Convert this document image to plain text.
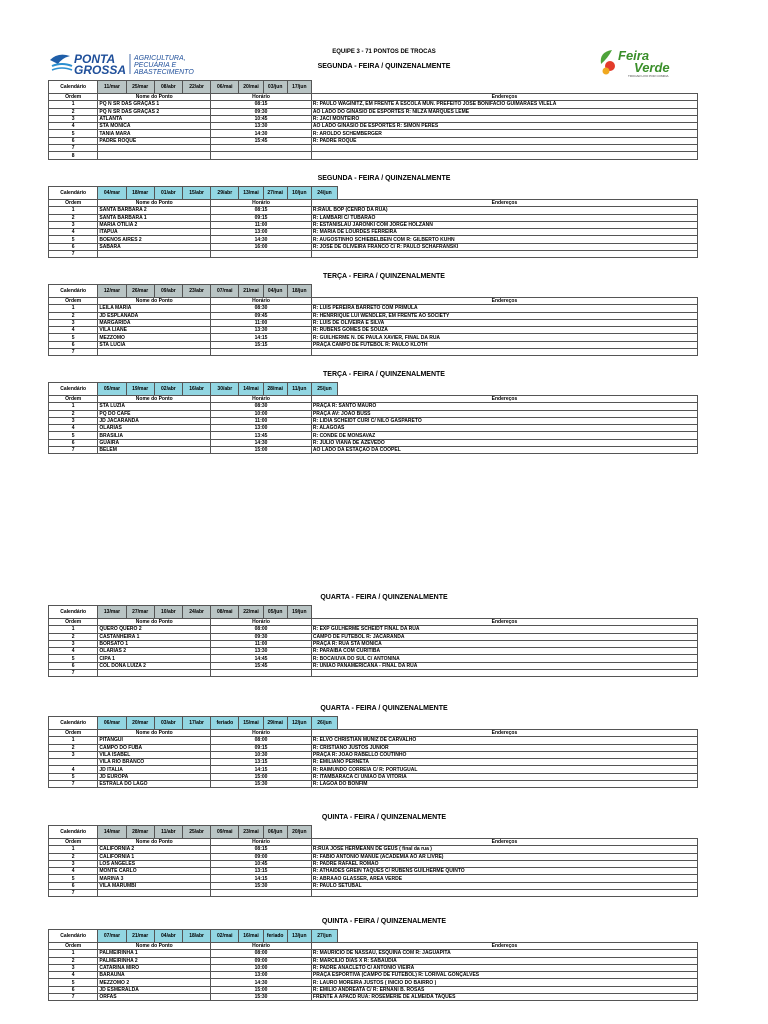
PONTA
GROSSA
AGRICULTURA,
PECUÁRIA E
ABASTECIMENTO
Feira
Verde
TROCAR LIXO POR COMIDA
EQUIPE 3 - 71 PONTOS DE TROCAS
SEGUNDA - FEIRA / QUINZENALMENTE
Calendário	11/mar	25/mar	08/abr	22/abr	06/mai	20/mai	03/jun	17/jun		
Ordem	Nome do Ponto				Horário				Endereços	
1	PQ N SR DAS GRAÇAS 1				08:15				R: PAULO WAGINITZ, EM FRENTE A ESCOLA MUN. PREFEITO JOSE BONIFACIO GUIMARAES VILELA	
2	PQ N SR DAS GRAÇAS 2				09:30				AO LADO DO GINASIO DE ESPORTES R: NILZA MARQUES LEME	
3	ATLANTA				10:45				R: JACI MONTEIRO	
4	STA MONICA				13:30				AO LADO GINASIO DE ESPORTES R: SIMON PERES	
5	TANIA MARA				14:30				R: AROLDO SCHEMBERGER	
6	PADRE ROQUE				15:45				R: PADRE ROQUE	
7										
8										
SEGUNDA - FEIRA / QUINZENALMENTE
Calendário	04/mar	18/mar	01/abr	15/abr	29/abr	13/mai	27/mai	10/jun	24/jun	
Ordem	Nome do Ponto				Horário				Endereços	
1	SANTA BARBARA 2				08:15				R:RAUL BOP (CENRO DA RUA)	
2	SANTA BARBARA 1				09:15				R: LAMBARI C/ TUBARAO	
3	MARIA OTILIA 2				11:00				R: ESTANISLAU JARONKI COM JORGE HOLZANN	
4	ITAPUA				13:00				R: MARIA DE LOURDES FERREIRA	
5	BOENOS AIRES 2				14:30				R: AUGOSTINHO SCHIEBELBEIN COM R: GILBERTO KUHN	
6	SABARA				16:00				R: JOSE DE OLIVEIRA FRANCO C/ R: PAULO SCHAFRANSKI	
7										
TERÇA - FEIRA / QUINZENALMENTE
Calendário	12/mar	26/mar	09/abr	23/abr	07/mai	21/mai	04/jun	18/jun		
Ordem	Nome do Ponto				Horário				Endereços	
1	LEILA MARIA				08:30				R: LUIS PEREIRA BARRETO COM PRIMULA	
2	JD ESPLANADA				09:45				R: HENRRIQUE LUI WENDLER, EM FRENTE AO SOCIETY	
3	MARGARIDA				11:00				R: LUIS DE OLIVEIRA E SILVA	
4	VILA LIANE				13:30				R: RUBENS GOMES DE SOUZA	
5	MEZZOMO				14:15				R: GUILHERME N. DE PAULA XAVIER, FINAL DA RUA	
6	STA LUCIA				15:15				PRAÇA CAMPO DE FUTEBOL R: PAULO KLOTH	
7										
TERÇA - FEIRA / QUINZENALMENTE
Calendário	05/mar	19/mar	02/abr	16/abr	30/abr	14/mai	28/mai	11/jun	25/jun	
Ordem	Nome do Ponto				Horário				Endereços	
1	STA LUZIA				08:30				PRAÇA R: SANTO MAURO	
2	PQ DO CAFE				10:00				PRAÇA AV: JOAO BUSS	
3	JD JACARANDA				11:00				R: LIDIA SCHEIDT CURI C/ NILO GASPARETO	
4	OLARIAS				13:00				R: ALAGOAS	
5	BRASILIA				13:45				R: CONDE DE MONSAVAZ	
6	GUAIRA				14:30				R: JULIO VIANA DE AZEVEDO	
7	BELEM				15:00				AO LADO DA ESTAÇÃO DA COOPEL	
QUARTA - FEIRA / QUINZENALMENTE
Calendário	13/mar	27/mar	10/abr	24/abr	08/mai	22/mai	05/jun	19/jun		
Ordem	Nome do Ponto				Horário				Endereços	
1	QUERO QUERO 2				08:00				R: EXP GULHERME SCHEIDT FINAL DA RUA	
2	CASTANHEIRA 1				09:30				CAMPO DE FUTEBOL R: JACARANDA	
3	BORSATO 1				11:00				PRAÇA R: RUA STA MONICA	
4	OLARIAS 2				13:30				R: PARAIBA COM CURITIBA	
5	CIPA 1				14:45				R: BOCAIUVA DO SUL C/ ANTONINA	
6	COL DONA LUIZA 2				15:45				R: UNIAO PANAMERICANA - FINAL DA RUA	
7										
QUARTA - FEIRA / QUINZENALMENTE
Calendário	06/mar	20/mar	03/abr	17/abr	feriado	15/mai	29/mai	12/jun	26/jun	
Ordem	Nome do Ponto				Horário				Endereços	
1	PITANGUI				08:00				R: ELVO CHRISTIAN MUNIZ DE CARVALHO	
2	CAMPO DO FUBA				09:15				R: CRISTIANO JUSTOS JUNIOR	
3	VILA ISABEL				10:30				PRAÇA R: JOAO RABELLO COUTINHO	
	VILA RIO BRANCO				13:15				R: EMILIANO PERNETA	
4	JD ITALIA				14:15				R: RAIMUNDO CORREIA C/ R: PORTUGUAL	
5	JD EUROPA				15:00				R: ITAMBARACA C/ UNIAO DA VITORIA	
7	ESTRALA DO LAGO				15:30				R: LAGOA DO BONFIM	
QUINTA - FEIRA / QUINZENALMENTE
Calendário	14/mar	28/mar	11/abr	25/abr	09/mai	23/mai	06/jun	20/jun		
Ordem	Nome do Ponto				Horário				Endereços	
1	CALIFORNIA 2				08:15				R:RUA JOSE HERMEANN DE GEUS ( final da rua )	
2	CALIFORNIA 1				09:00				R: FABIO ANTONIO MANUE (ACADEMIA AO AR LIVRE)	
3	LOS ANGELES				10:45				R: PADRE RAFAEL ROMAO	
4	MONTE CARLO				13:15				R: ATHAIDES GREIN TAQUES C/ RUBENS GUILHERME QUINTO	
5	MARINA 3				14:15				R: ABRAAO GLASSER, AREA VERDE	
6	VILA MARUMBI				15:30				R: PAULO SETUBAL	
7										
QUINTA - FEIRA / QUINZENALMENTE
Calendário	07/mar	21/mar	04/abr	18/abr	02/mai	16/mai	feriado	13/jun	27/jun	
Ordem	Nome do Ponto				Horário				Endereços	
1	PALMEIRINHA 1				08:00				R: MAURICIO DE NASSAU, ESQUINA COM R: JAGUAPITA	
2	PALMEIRINHA 2				09:00				R: MARCILIO DIAS X R: SABAUDIA	
3	CATARINA MIRO				10:00				R: PADRE ANACLETO C/ ANTONIO VIEIRA	
4	BARAUNA				13:00				PRAÇA ESPORTIVA (CAMPO DE FUTEBOL) R: LORIVAL GONÇALVES	
5	MEZZOMO 2				14:30				R: LAURO MOREIRA JUSTOS ( INICIO DO BAIRRO )	
6	JD ESMERALDA				15:00				R: EMILIO ANDREATA C/ R: ERNANI B. ROSAS	
7	ORFAS				15:30				FRENTE A APACD RUA: ROSEMERIE DE ALMEIDA TAQUES	
